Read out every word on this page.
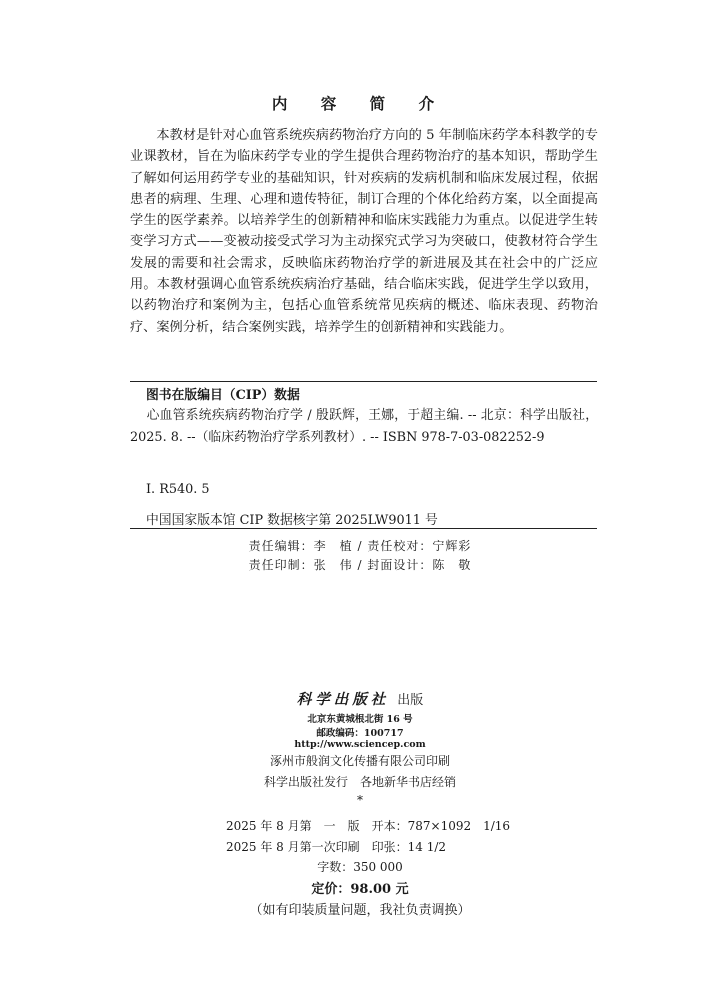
内 容 简 介

本教材是针对心血管系统疾病药物治疗方向的 5 年制临床药学本科教学的专业课教材，旨在为临床药学专业的学生提供合理药物治疗的基本知识，帮助学生了解如何运用药学专业的基础知识，针对疾病的发病机制和临床发展过程，依据患者的病理、生理、心理和遗传特征，制订合理的个体化给药方案，以全面提高学生的医学素养。以培养学生的创新精神和临床实践能力为重点。以促进学生转变学习方式——变被动接受式学习为主动探究式学习为突破口，使教材符合学生发展的需要和社会需求，反映临床药物治疗学的新进展及其在社会中的广泛应用。本教材强调心血管系统疾病治疗基础，结合临床实践，促进学生学以致用，以药物治疗和案例为主，包括心血管系统常见疾病的概述、临床表现、药物治疗、案例分析，结合案例实践，培养学生的创新精神和实践能力。

图书在版编目（CIP）数据

心血管系统疾病药物治疗学 / 殷跃辉，王娜，于超主编. -- 北京：科学出版社，2025. 8. --（临床药物治疗学系列教材）. -- ISBN 978-7-03-082252-9

Ⅰ. R540. 5
中国国家版本馆 CIP 数据核字第 2025LW9011 号
责任编辑：李　植 / 责任校对：宁辉彩
责任印制：张　伟 / 封面设计：陈　敬
科学出版社 出版
北京东黄城根北街 16 号
邮政编码：100717
http://www.sciencep.com
涿州市般润文化传播有限公司印刷
科学出版社发行　各地新华书店经销
*
2025 年 8 月第　一　版　开本：787×1092　1/16
2025 年 8 月第一次印刷　印张：14 1/2
字数：350 000
定价：98.00 元
（如有印装质量问题，我社负责调换）
